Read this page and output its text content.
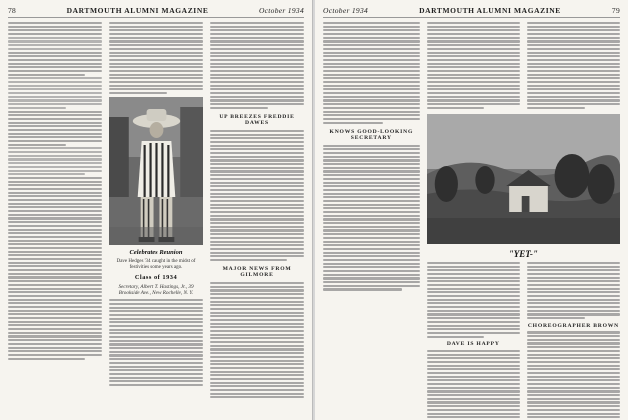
78	DARTMOUTH ALUMNI MAGAZINE	October 1934
Celebrates Reunion
Dave Hedges '34 caught in the midst of festivities some years ago.
Class of 1934
Secretary, Albert T. Hastings, Jr., 39 Brookside Ave., New Rochelle, N. Y.
UP BREEZES FREDDIE DAWES
MAJOR NEWS FROM GILMORE
October 1934	DARTMOUTH ALUMNI MAGAZINE	79
KNOWS GOOD-LOOKING SECRETARY
"YET-"
DAVE IS HAPPY
CHOREOGRAPHER BROWN
